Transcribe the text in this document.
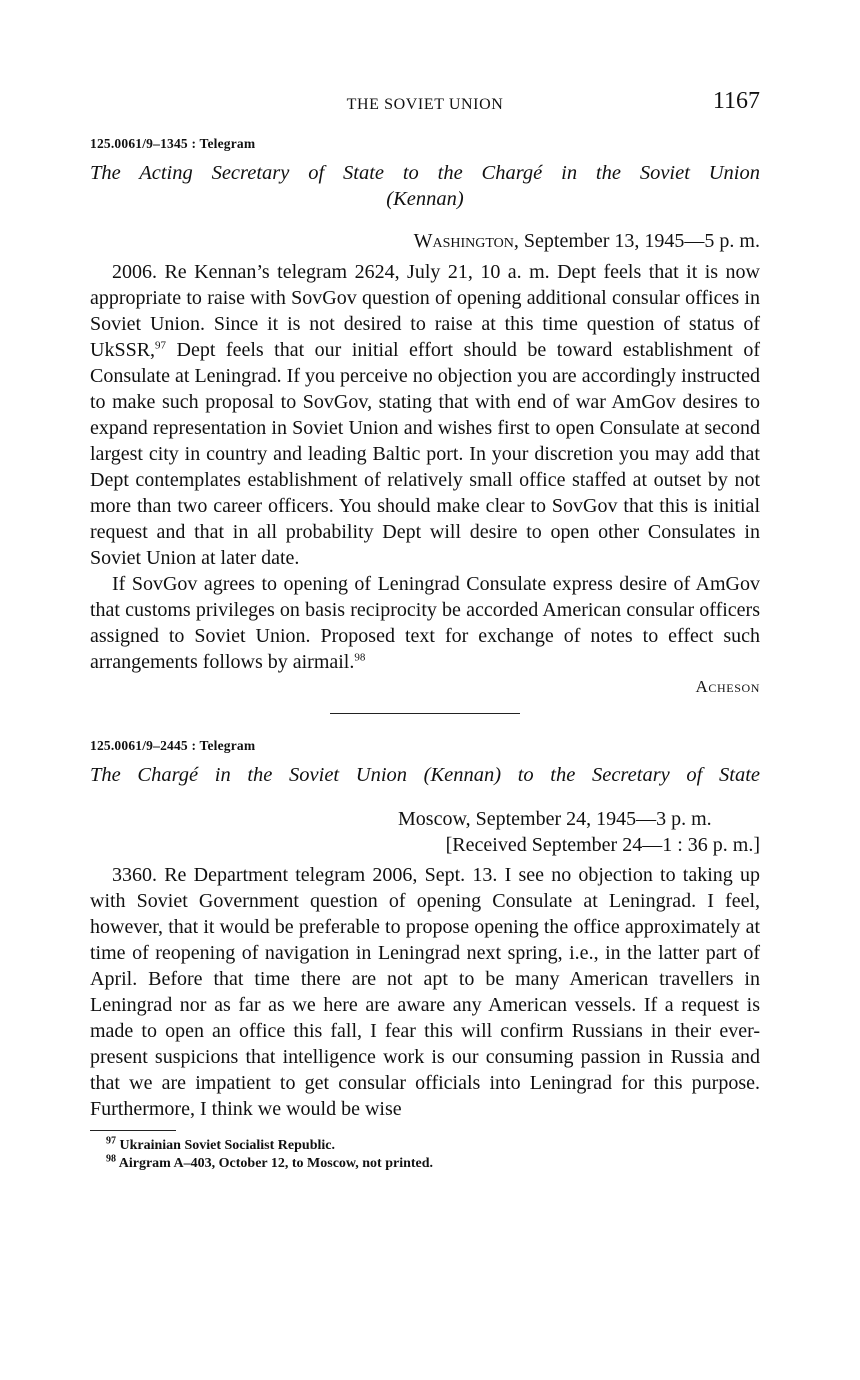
THE SOVIET UNION	1167
125.0061/9–1345 : Telegram
The Acting Secretary of State to the Chargé in the Soviet Union
(Kennan)
Washington, September 13, 1945—5 p. m.

2006. Re Kennan’s telegram 2624, July 21, 10 a. m. Dept feels that it is now appropriate to raise with SovGov question of opening additional consular offices in Soviet Union. Since it is not desired to raise at this time question of status of UkSSR,$^{97}$ Dept feels that our initial effort should be toward establishment of Consulate at Leningrad. If you perceive no objection you are accordingly instructed to make such proposal to SovGov, stating that with end of war AmGov desires to expand representation in Soviet Union and wishes first to open Consulate at second largest city in country and leading Baltic port. In your discretion you may add that Dept contemplates establishment of relatively small office staffed at outset by not more than two career officers. You should make clear to SovGov that this is initial request and that in all probability Dept will desire to open other Consulates in Soviet Union at later date.

If SovGov agrees to opening of Leningrad Consulate express desire of AmGov that customs privileges on basis reciprocity be accorded American consular officers assigned to Soviet Union. Proposed text for exchange of notes to effect such arrangements follows by airmail.$^{98}$

Acheson
125.0061/9–2445 : Telegram
The Chargé in the Soviet Union (Kennan) to the Secretary of State
Moscow, September 24, 1945—3 p. m.
[Received September 24—1 : 36 p. m.]

3360. Re Department telegram 2006, Sept. 13. I see no objection to taking up with Soviet Government question of opening Consulate at Leningrad. I feel, however, that it would be preferable to propose opening the office approximately at time of reopening of navigation in Leningrad next spring, i.e., in the latter part of April. Before that time there are not apt to be many American travellers in Leningrad nor as far as we here are aware any American vessels. If a request is made to open an office this fall, I fear this will confirm Russians in their ever-present suspicions that intelligence work is our consuming passion in Russia and that we are impatient to get consular officials into Leningrad for this purpose. Furthermore, I think we would be wise

$^{97}$ Ukrainian Soviet Socialist Republic.
$^{98}$ Airgram A–403, October 12, to Moscow, not printed.
